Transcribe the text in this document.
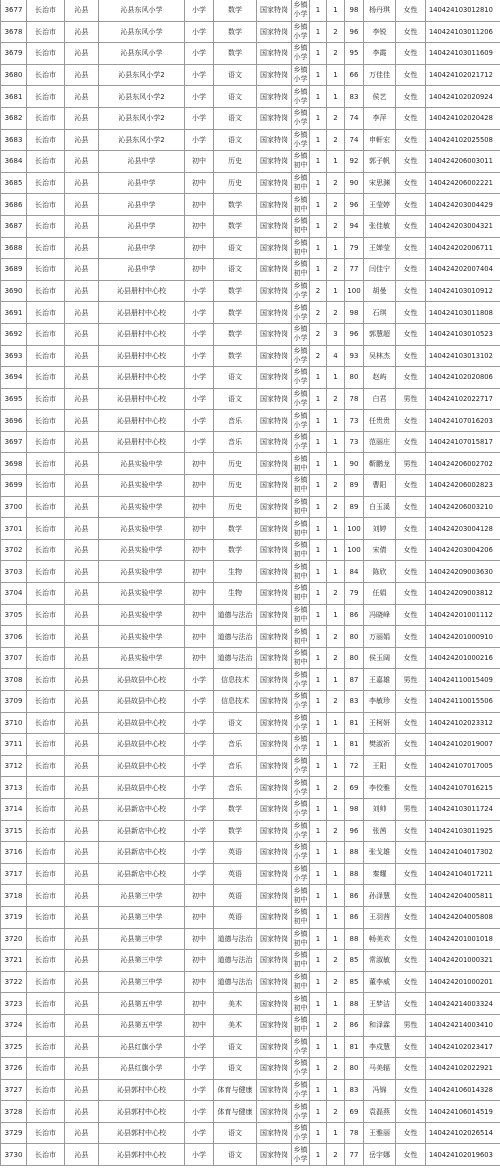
3677	长治市	沁县	沁县东风小学	小学	数学	国家特岗	乡镇小学	1	1	98	杨丹琪	女性	140424103012810
3678	长治市	沁县	沁县东风小学	小学	数学	国家特岗	乡镇小学	1	2	96	李锐	女性	140424103011206
3679	长治市	沁县	沁县东风小学	小学	数学	国家特岗	乡镇小学	1	2	95	李霞	女性	140424103011609
3680	长治市	沁县	沁县东风小学2	小学	语文	国家特岗	乡镇小学	1	1	66	万佳佳	女性	140424102021712
3681	长治市	沁县	沁县东风小学2	小学	语文	国家特岗	乡镇小学	1	1	83	侯艺	女性	140424102020924
3682	长治市	沁县	沁县东风小学2	小学	语文	国家特岗	乡镇小学	1	2	74	李萍	女性	140424102020428
3683	长治市	沁县	沁县东风小学2	小学	语文	国家特岗	乡镇小学	1	2	74	申軒宏	女性	140424102025508
3684	长治市	沁县	沁县中学	初中	历史	国家特岗	乡镇初中	1	1	92	郭子帆	女性	140424206003011
3685	长治市	沁县	沁县中学	初中	历史	国家特岗	乡镇初中	1	2	90	宋思渊	女性	140424206002221
3686	长治市	沁县	沁县中学	初中	数学	国家特岗	乡镇初中	1	2	96	王莹婷	女性	140424203004429
3687	长治市	沁县	沁县中学	初中	数学	国家特岗	乡镇初中	1	2	94	张佳敏	女性	140424203004321
3688	长治市	沁县	沁县中学	初中	语文	国家特岗	乡镇初中	1	1	79	王婵莹	女性	140424202006711
3689	长治市	沁县	沁县中学	初中	语文	国家特岗	乡镇初中	1	2	77	闫佳宁	女性	140424202007404
3690	长治市	沁县	沁县册村中心校	小学	数学	国家特岗	乡镇小学	2	1	100	胡曼	女性	140424103010912
3691	长治市	沁县	沁县册村中心校	小学	数学	国家特岗	乡镇小学	2	2	98	石琪	女性	140424103011808
3692	长治市	沁县	沁县册村中心校	小学	数学	国家特岗	乡镇小学	2	3	96	郭慧超	女性	140424103010523
3693	长治市	沁县	沁县册村中心校	小学	数学	国家特岗	乡镇小学	2	4	93	吴林杰	女性	140424103013102
3694	长治市	沁县	沁县册村中心校	小学	语文	国家特岗	乡镇小学	1	1	80	赵屿	女性	140424102020806
3695	长治市	沁县	沁县册村中心校	小学	语文	国家特岗	乡镇小学	1	2	78	白君	男性	140424102022717
3696	长治市	沁县	沁县册村中心校	小学	音乐	国家特岗	乡镇小学	1	1	73	任贵贵	女性	140424107016203
3697	长治市	沁县	沁县册村中心校	小学	音乐	国家特岗	乡镇小学	1	1	73	范丽庄	女性	140424107015817
3698	长治市	沁县	沁县实验中学	初中	历史	国家特岗	乡镇初中	1	1	90	靳鹏龙	男性	140424206002702
3699	长治市	沁县	沁县实验中学	初中	历史	国家特岗	乡镇初中	1	2	89	曹阳	女性	140424206002823
3700	长治市	沁县	沁县实验中学	初中	历史	国家特岗	乡镇初中	1	2	89	白玉溪	女性	140424206003210
3701	长治市	沁县	沁县实验中学	初中	数学	国家特岗	乡镇初中	1	1	100	刘婷	女性	140424203004128
3702	长治市	沁县	沁县实验中学	初中	数学	国家特岗	乡镇初中	1	1	100	宋倩	女性	140424203004206
3703	长治市	沁县	沁县实验中学	初中	生物	国家特岗	乡镇初中	1	1	84	陈欣	女性	140424209003630
3704	长治市	沁县	沁县实验中学	初中	生物	国家特岗	乡镇初中	1	2	79	任娟	女性	140424209003812
3705	长治市	沁县	沁县实验中学	初中	道德与法治	国家特岗	乡镇初中	1	1	86	冯晓峰	女性	140424201001112
3706	长治市	沁县	沁县实验中学	初中	道德与法治	国家特岗	乡镇初中	1	2	80	万丽娟	女性	140424201000910
3707	长治市	沁县	沁县实验中学	初中	道德与法治	国家特岗	乡镇初中	1	2	80	侯玉阔	女性	140424201000216
3708	长治市	沁县	沁县故县中心校	小学	信息技术	国家特岗	乡镇小学	1	1	87	王嘉雄	男性	140424110015409
3709	长治市	沁县	沁县故县中心校	小学	信息技术	国家特岗	乡镇小学	1	2	83	李敏珍	女性	140424110015506
3710	长治市	沁县	沁县故县中心校	小学	语文	国家特岗	乡镇小学	1	1	81	王柯妍	女性	140424102023312
3711	长治市	沁县	沁县故县中心校	小学	音乐	国家特岗	乡镇小学	1	1	81	樊淑祈	女性	140424102019007
3712	长治市	沁县	沁县故县中心校	小学	音乐	国家特岗	乡镇小学	1	1	72	王阳	女性	140424107017005
3713	长治市	沁县	沁县故县中心校	小学	音乐	国家特岗	乡镇小学	1	2	69	李佼雅	女性	140424107016215
3714	长治市	沁县	沁县新店中心校	小学	数学	国家特岗	乡镇小学	1	1	98	刘帅	男性	140424103011724
3715	长治市	沁县	沁县新店中心校	小学	数学	国家特岗	乡镇小学	1	2	96	张茜	女性	140424103011925
3716	长治市	沁县	沁县新店中心校	小学	英语	国家特岗	乡镇小学	1	1	88	张戈雄	女性	140424104017302
3717	长治市	沁县	沁县新店中心校	小学	英语	国家特岗	乡镇小学	1	1	88	秦耀	女性	140424104017211
3718	长治市	沁县	沁县第三中学	初中	英语	国家特岗	乡镇初中	1	1	86	孙泽慧	女性	140424204005811
3719	长治市	沁县	沁县第三中学	初中	英语	国家特岗	乡镇初中	1	1	86	王羽茜	女性	140424204005808
3720	长治市	沁县	沁县第三中学	初中	道德与法治	国家特岗	乡镇初中	1	1	88	畅美欢	女性	140424201001018
3721	长治市	沁县	沁县第三中学	初中	道德与法治	国家特岗	乡镇初中	1	2	85	常淑敏	女性	140424201000321
3722	长治市	沁县	沁县第三中学	初中	道德与法治	国家特岗	乡镇初中	1	2	85	董李威	女性	140424201000201
3723	长治市	沁县	沁县第五中学	初中	美术	国家特岗	乡镇初中	1	1	88	王梦洁	女性	140424214003324
3724	长治市	沁县	沁县第五中学	初中	美术	国家特岗	乡镇初中	1	2	86	和泽霖	男性	140424214003410
3725	长治市	沁县	沁县红旗小学	小学	语文	国家特岗	乡镇小学	1	1	81	李戍慧	女性	140424102023417
3726	长治市	沁县	沁县红旗小学	小学	语文	国家特岗	乡镇小学	1	2	80	马美辐	女性	140424102022921
3727	长治市	沁县	沁县郭村中心校	小学	体育与健康	国家特岗	乡镇小学	1	1	83	冯锦	女性	140424106014328
3728	长治市	沁县	沁县郭村中心校	小学	体育与健康	国家特岗	乡镇小学	1	2	69	袁磊燕	女性	140424106014519
3729	长治市	沁县	沁县郭村中心校	小学	语文	国家特岗	乡镇小学	1	1	78	王雅丽	女性	140424102026514
3730	长治市	沁县	沁县郭村中心校	小学	语文	国家特岗	乡镇小学	1	2	77	岳宇娜	女性	140424102019603
